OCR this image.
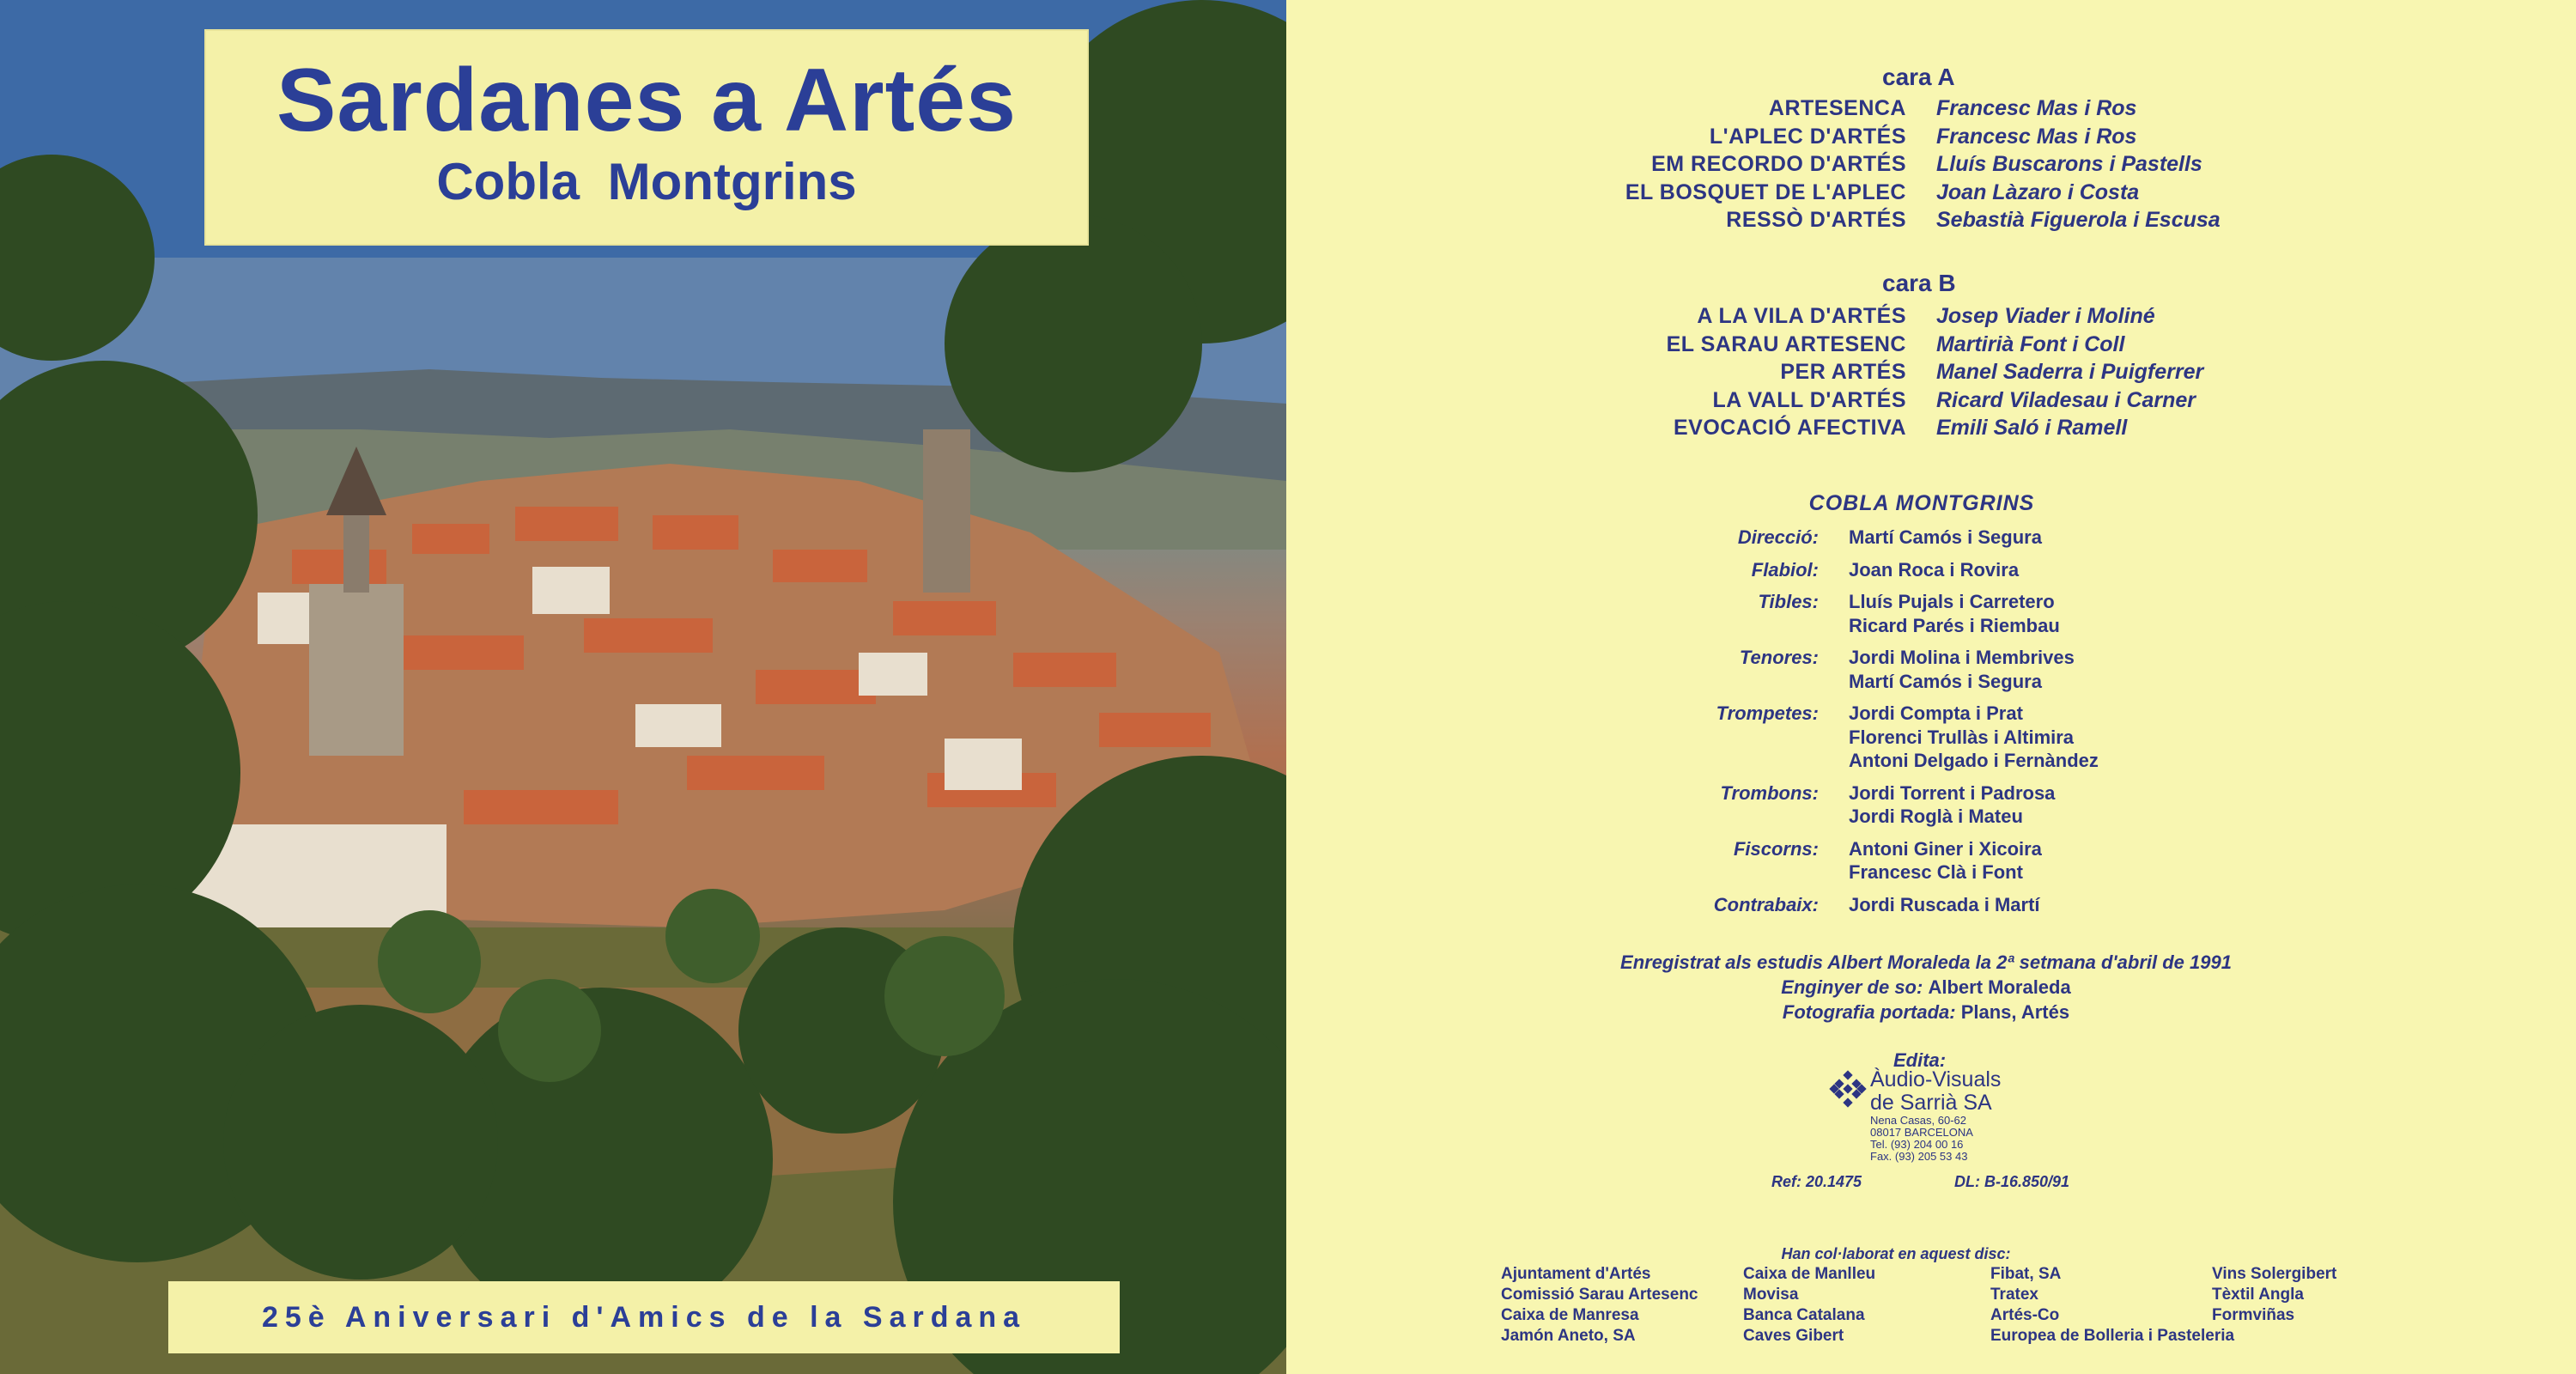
Sardanes a Artés
Cobla Montgrins
25è Aniversari d'Amics de la Sardana
cara A
ARTESENCA Francesc Mas i Ros
L'APLEC D'ARTÉS Francesc Mas i Ros
EM RECORDO D'ARTÉS Lluís Buscarons i Pastells
EL BOSQUET DE L'APLEC Joan Làzaro i Costa
RESSÒ D'ARTÉS Sebastià Figuerola i Escusa
cara B
A LA VILA D'ARTÉS Josep Viader i Moliné
EL SARAU ARTESENC Martirià Font i Coll
PER ARTÉS Manel Saderra i Puigferrer
LA VALL D'ARTÉS Ricard Viladesau i Carner
EVOCACIÓ AFECTIVA Emili Saló i Ramell
COBLA MONTGRINS
Direcció: Martí Camós i Segura
Flabiol: Joan Roca i Rovira
Tibles: Lluís Pujals i Carretero
Ricard Parés i Riembau
Tenores: Jordi Molina i Membrives
Martí Camós i Segura
Trompetes: Jordi Compta i Prat
Florenci Trullàs i Altimira
Antoni Delgado i Fernàndez
Trombons: Jordi Torrent i Padrosa
Jordi Roglà i Mateu
Fiscorns: Antoni Giner i Xicoira
Francesc Clà i Font
Contrabaix: Jordi Ruscada i Martí
Enregistrat als estudis Albert Moraleda la 2ª setmana d'abril de 1991
Enginyer de so: Albert Moraleda
Fotografia portada: Plans, Artés
Edita:
Àudio-Visuals
de Sarrià SA
Nena Casas, 60-62
08017 BARCELONA
Tel. (93) 204 00 16
Fax. (93) 205 53 43
Ref: 20.1475	DL: B-16.850/91
Han col·laborat en aquest disc:
Ajuntament d'Artés
Comissió Sarau Artesenc
Caixa de Manresa
Jamón Aneto, SA
Caixa de Manlleu
Movisa
Banca Catalana
Caves Gibert
Fibat, SA
Tratex
Artés-Co
Europea de Bolleria i Pasteleria
Vins Solergibert
Tèxtil Angla
Formviñas
